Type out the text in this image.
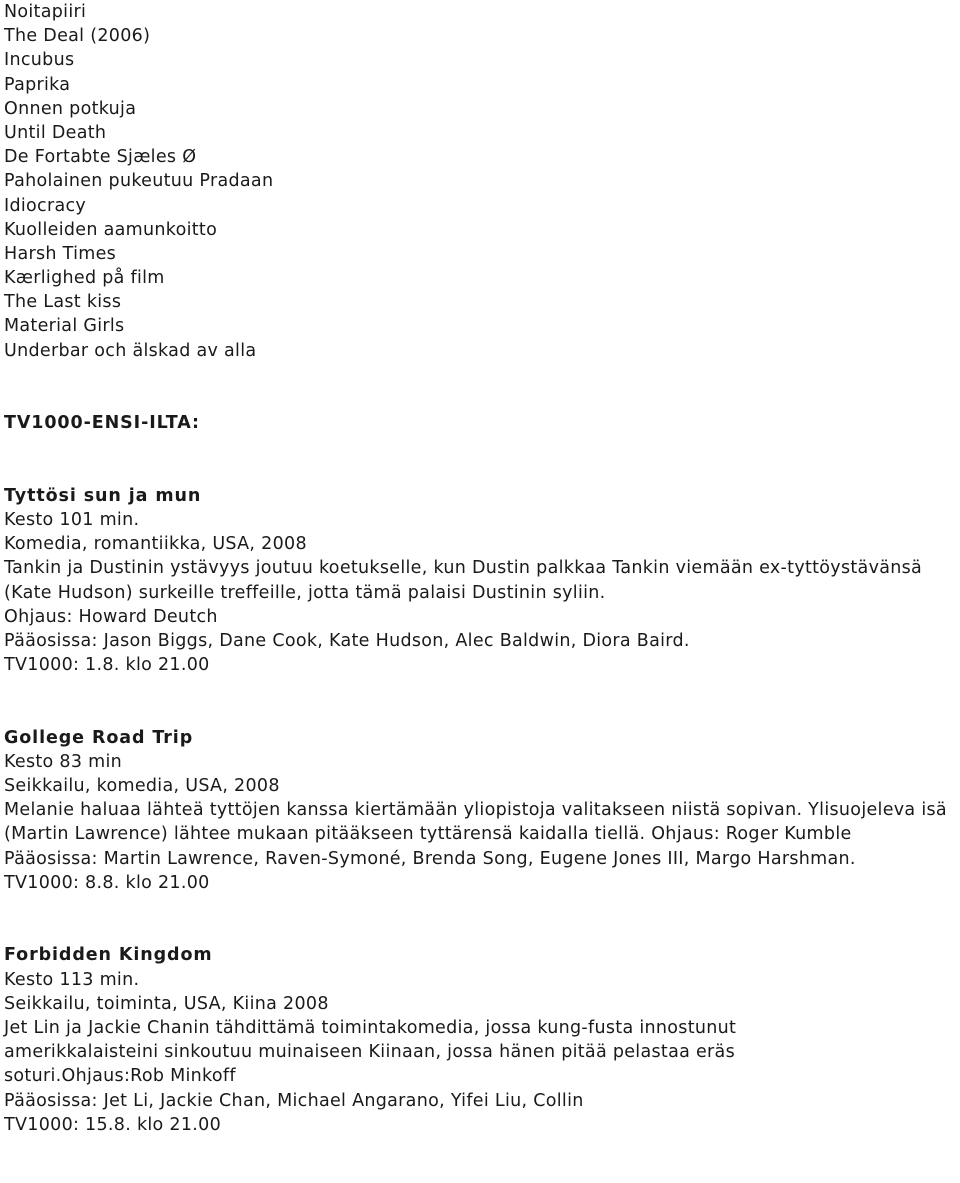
Noitapiiri
The Deal (2006)
Incubus
Paprika
Onnen potkuja
Until Death
De Fortabte Sjæles Ø
Paholainen pukeutuu Pradaan
Idiocracy
Kuolleiden aamunkoitto
Harsh Times
Kærlighed på film
The Last kiss
Material Girls
Underbar och älskad av alla
TV1000-ENSI-ILTA:
Tyttösi sun ja mun
Kesto 101 min.
Komedia, romantiikka, USA, 2008
Tankin ja Dustinin ystävyys joutuu koetukselle, kun Dustin palkkaa Tankin viemään ex-tyttöystävänsä (Kate Hudson) surkeille treffeille, jotta tämä palaisi Dustinin syliin.
Ohjaus: Howard Deutch
Pääosissa: Jason Biggs, Dane Cook, Kate Hudson, Alec Baldwin, Diora Baird.
TV1000: 1.8. klo 21.00
Gollege Road Trip
Kesto 83 min
Seikkailu, komedia, USA, 2008
Melanie haluaa lähteä tyttöjen kanssa kiertämään yliopistoja valitakseen niistä sopivan. Ylisuojeleva isä (Martin Lawrence) lähtee mukaan pitääkseen tyttärensä kaidalla tiellä. Ohjaus: Roger Kumble
Pääosissa: Martin Lawrence, Raven-Symoné, Brenda Song, Eugene Jones III, Margo Harshman.
TV1000: 8.8. klo 21.00
Forbidden Kingdom
Kesto 113 min.
Seikkailu, toiminta, USA, Kiina 2008
Jet Lin ja Jackie Chanin tähdittämä toimintakomedia, jossa kung-fusta innostunut amerikkalaisteini sinkoutuu muinaiseen Kiinaan, jossa hänen pitää pelastaa eräs soturi.Ohjaus:Rob Minkoff
Pääosissa: Jet Li, Jackie Chan, Michael Angarano, Yifei Liu, Collin
TV1000: 15.8. klo 21.00
